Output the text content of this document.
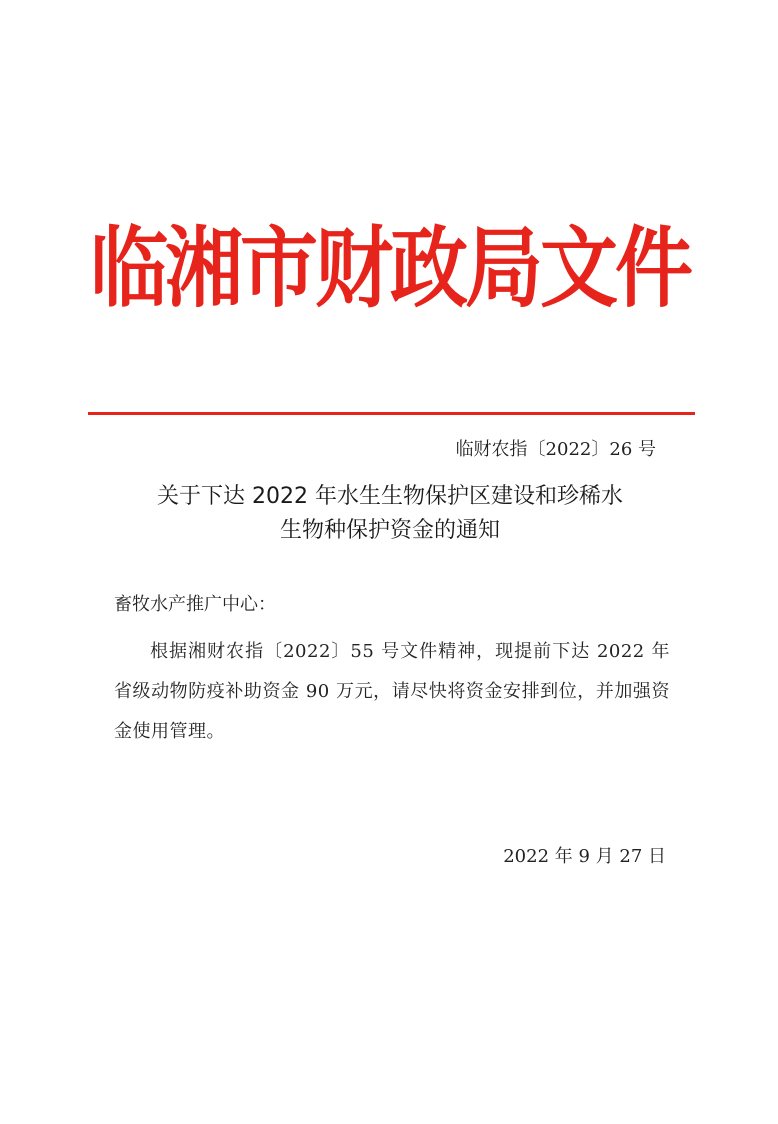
临湘市财政局文件
临财农指〔2022〕26 号
关于下达 2022 年水生生物保护区建设和珍稀水
生物种保护资金的通知
畜牧水产推广中心：
根据湘财农指〔2022〕55 号文件精神，现提前下达 2022 年省级动物防疫补助资金 90 万元，请尽快将资金安排到位，并加强资金使用管理。
2022 年 9 月 27 日
